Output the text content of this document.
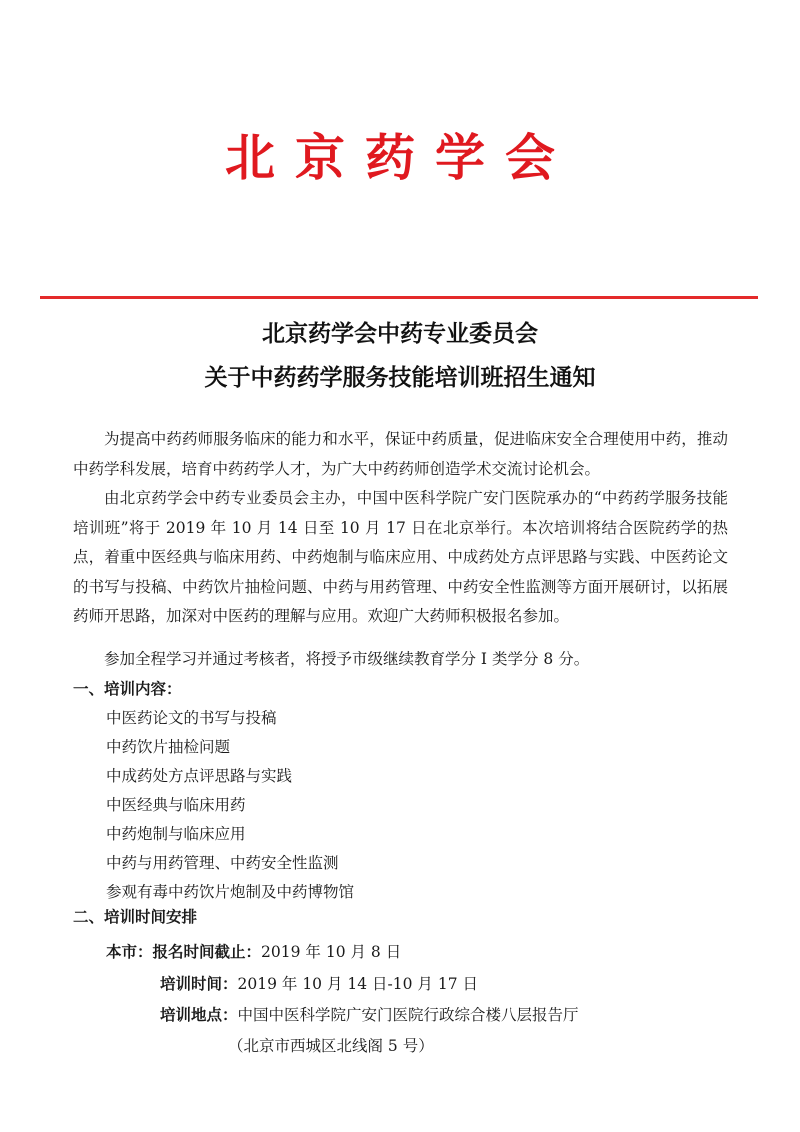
北京药学会
北京药学会中药专业委员会
关于中药药学服务技能培训班招生通知
为提高中药药师服务临床的能力和水平，保证中药质量，促进临床安全合理使用中药，推动中药学科发展，培育中药药学人才，为广大中药药师创造学术交流讨论机会。
由北京药学会中药专业委员会主办，中国中医科学院广安门医院承办的“中药药学服务技能培训班”将于 2019 年 10 月 14 日至 10 月 17 日在北京举行。本次培训将结合医院药学的热点，着重中医经典与临床用药、中药炮制与临床应用、中成药处方点评思路与实践、中医药论文的书写与投稿、中药饮片抽检问题、中药与用药管理、中药安全性监测等方面开展研讨，以拓展药师开思路，加深对中医药的理解与应用。欢迎广大药师积极报名参加。
参加全程学习并通过考核者，将授予市级继续教育学分 I 类学分 8 分。
一、培训内容：
中医药论文的书写与投稿
中药饮片抽检问题
中成药处方点评思路与实践
中医经典与临床用药
中药炮制与临床应用
中药与用药管理、中药安全性监测
参观有毒中药饮片炮制及中药博物馆
二、培训时间安排
本市：报名时间截止：2019 年 10 月 8 日
培训时间：2019 年 10 月 14 日-10 月 17 日
培训地点：中国中医科学院广安门医院行政综合楼八层报告厅
（北京市西城区北线阁 5 号）
